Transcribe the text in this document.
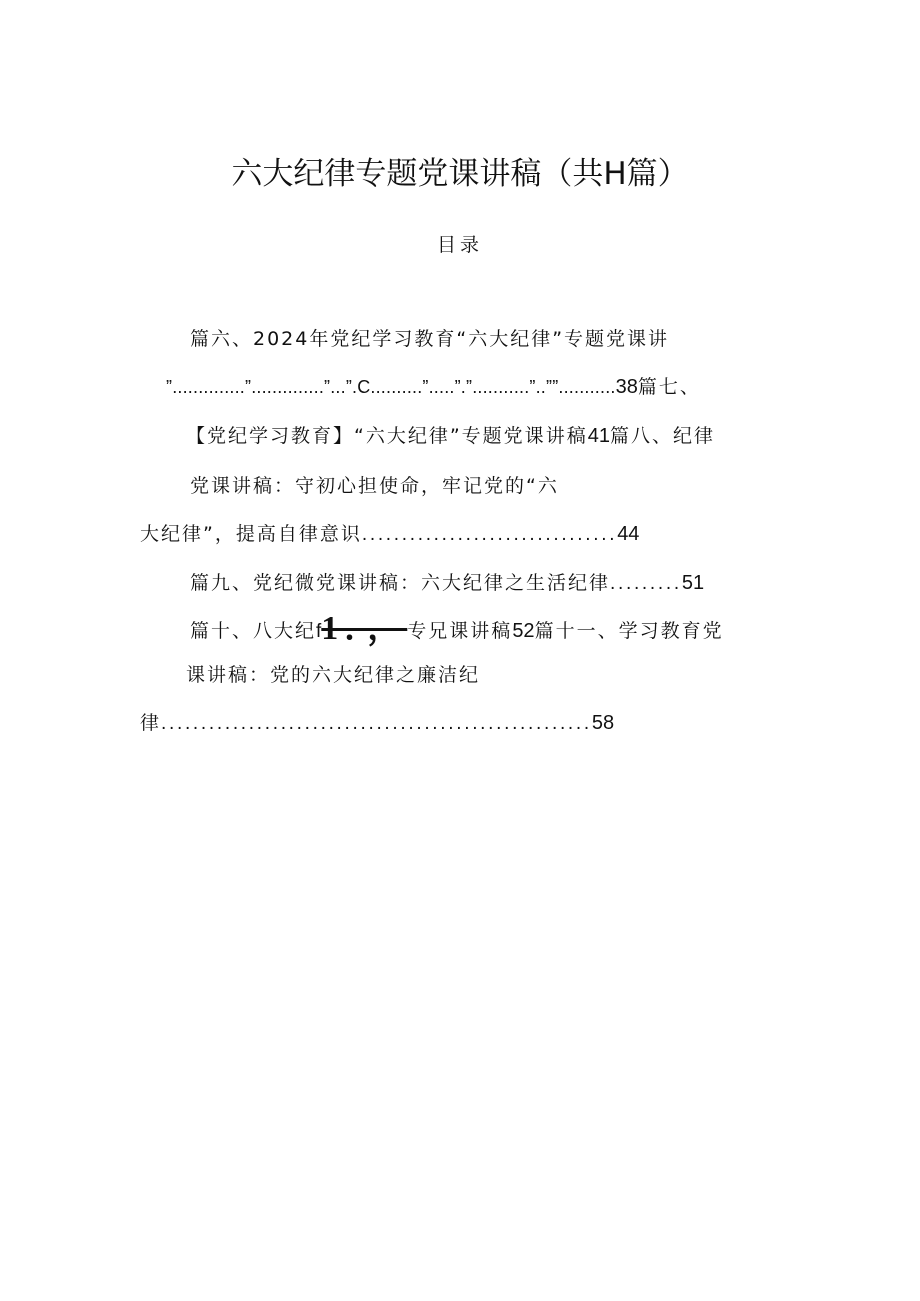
六大纪律专题党课讲稿（共H篇）
目录
篇六、2024年党纪学习教育“六大纪律”专题党课讲
”..............”..............”...”.C..........”.....”.”...........”..””...........38篇七、
【党纪学习教育】“六大纪律”专题党课讲稿41篇八、纪律
党课讲稿：守初心担使命，牢记党的“六
大纪律”，提高自律意识................................44
篇九、党纪微党课讲稿：六大纪律之生活纪律.........51
篇十、八大纪f1．，专兄课讲稿52篇十一、学习教育党
课讲稿：党的六大纪律之廉洁纪
律......................................................58
